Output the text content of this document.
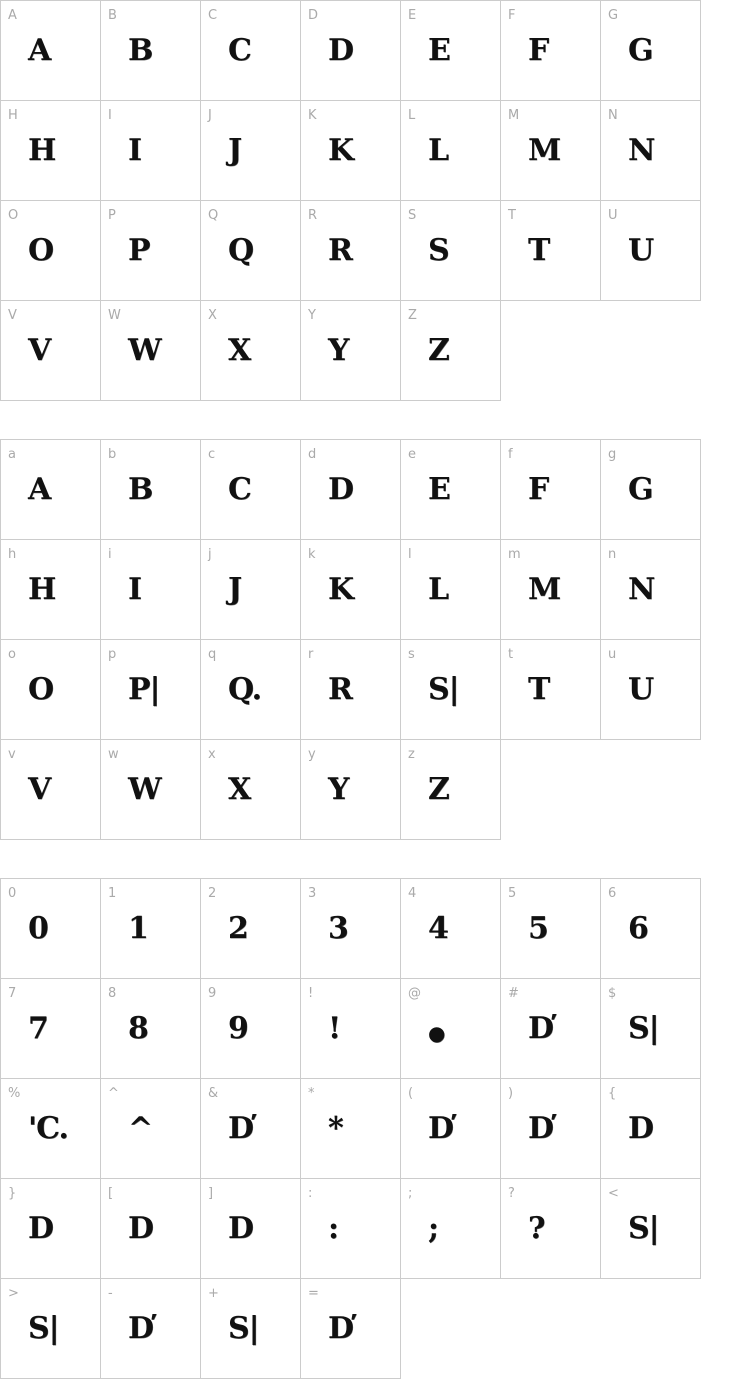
A
A

B
B

C
C

D
D

E
E

F
F

G
G

H
H

I
I

J
J

K
K

L
L

M
M

N
N

O
O

P
P

Q
Q

R
R

S
S

T
T

U
U

V
V

W
W

X
X

Y
Y

Z
Z
a
A

b
B

c
C

d
D

e
E

f
F

g
G

h
H

i
I

j
J

k
K

l
L

m
M

n
N

o
O

p
P|

q
Q.

r
R

s
S|

t
T

u
U

v
V

w
W

x
X

y
Y

z
Z
0
0

1
1

2
2

3
3

4
4

5
5

6
6

7
7

8
8

9
9

!
!

@
●

#
D̕

$
S|

%
'C.

^
^

&
D̕

*
*

(
D̕

)
D̕

{
D

}
D

[
D

]
D

:
:

;
;

?
?

<
S|

>
S|

-
D̕

+
S|

=
D̕
